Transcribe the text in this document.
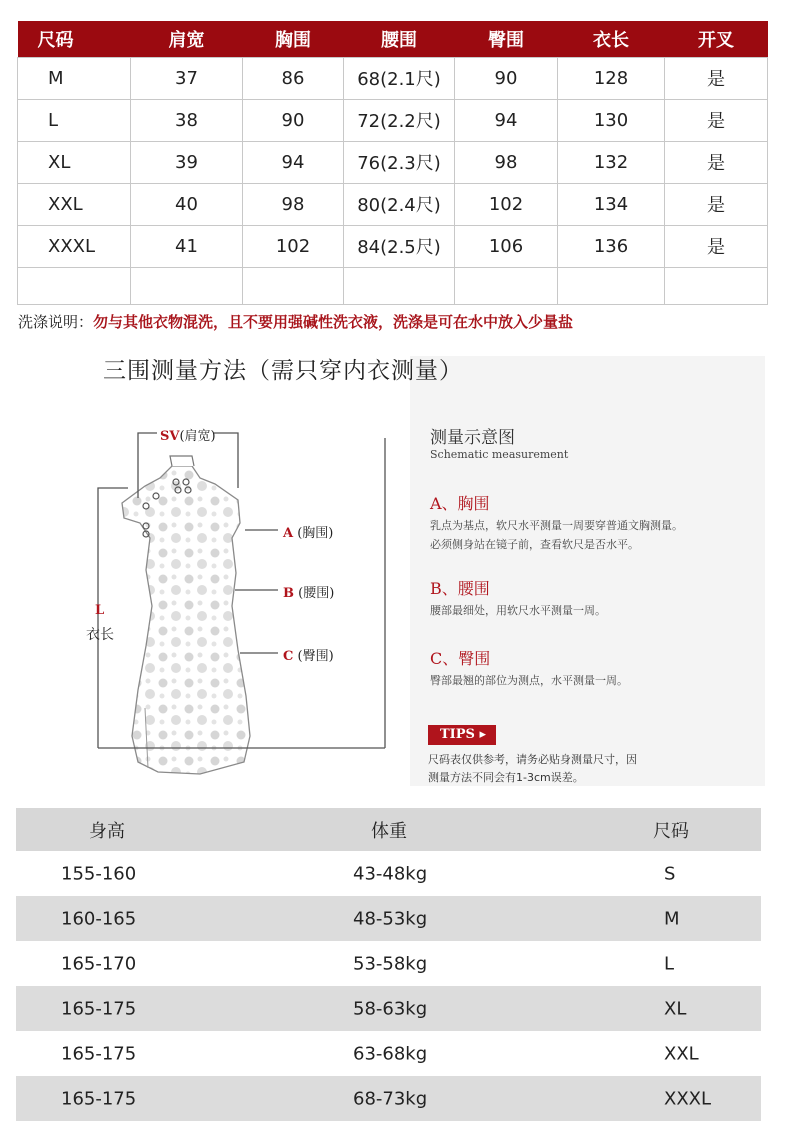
尺码	肩宽	胸围	腰围	臀围	衣长	开叉
M	37	86	68(2.1尺)	90	128	是
L	38	90	72(2.2尺)	94	130	是
XL	39	94	76(2.3尺)	98	132	是
XXL	40	98	80(2.4尺)	102	134	是
XXXL	41	102	84(2.5尺)	106	136	是

洗涤说明：勿与其他衣物混洗，且不要用强碱性洗衣液，洗涤是可在水中放入少量盐
三围测量方法（需只穿内衣测量）
SV(肩宽)
A (胸围)
B (腰围)
C (臀围)
L
衣长
测量示意图
Schematic measurement
A、胸围
乳点为基点，软尺水平测量一周要穿普通文胸测量。
必须侧身站在镜子前，查看软尺是否水平。
B、腰围
腰部最细处，用软尺水平测量一周。
C、臀围
臀部最翘的部位为测点，水平测量一周。
TIPS ▸
尺码表仅供参考，请务必贴身测量尺寸，因
测量方法不同会有1-3cm误差。
身高	体重	尺码
155-160	43-48kg	S
160-165	48-53kg	M
165-170	53-58kg	L
165-175	58-63kg	XL
165-175	63-68kg	XXL
165-175	68-73kg	XXXL
